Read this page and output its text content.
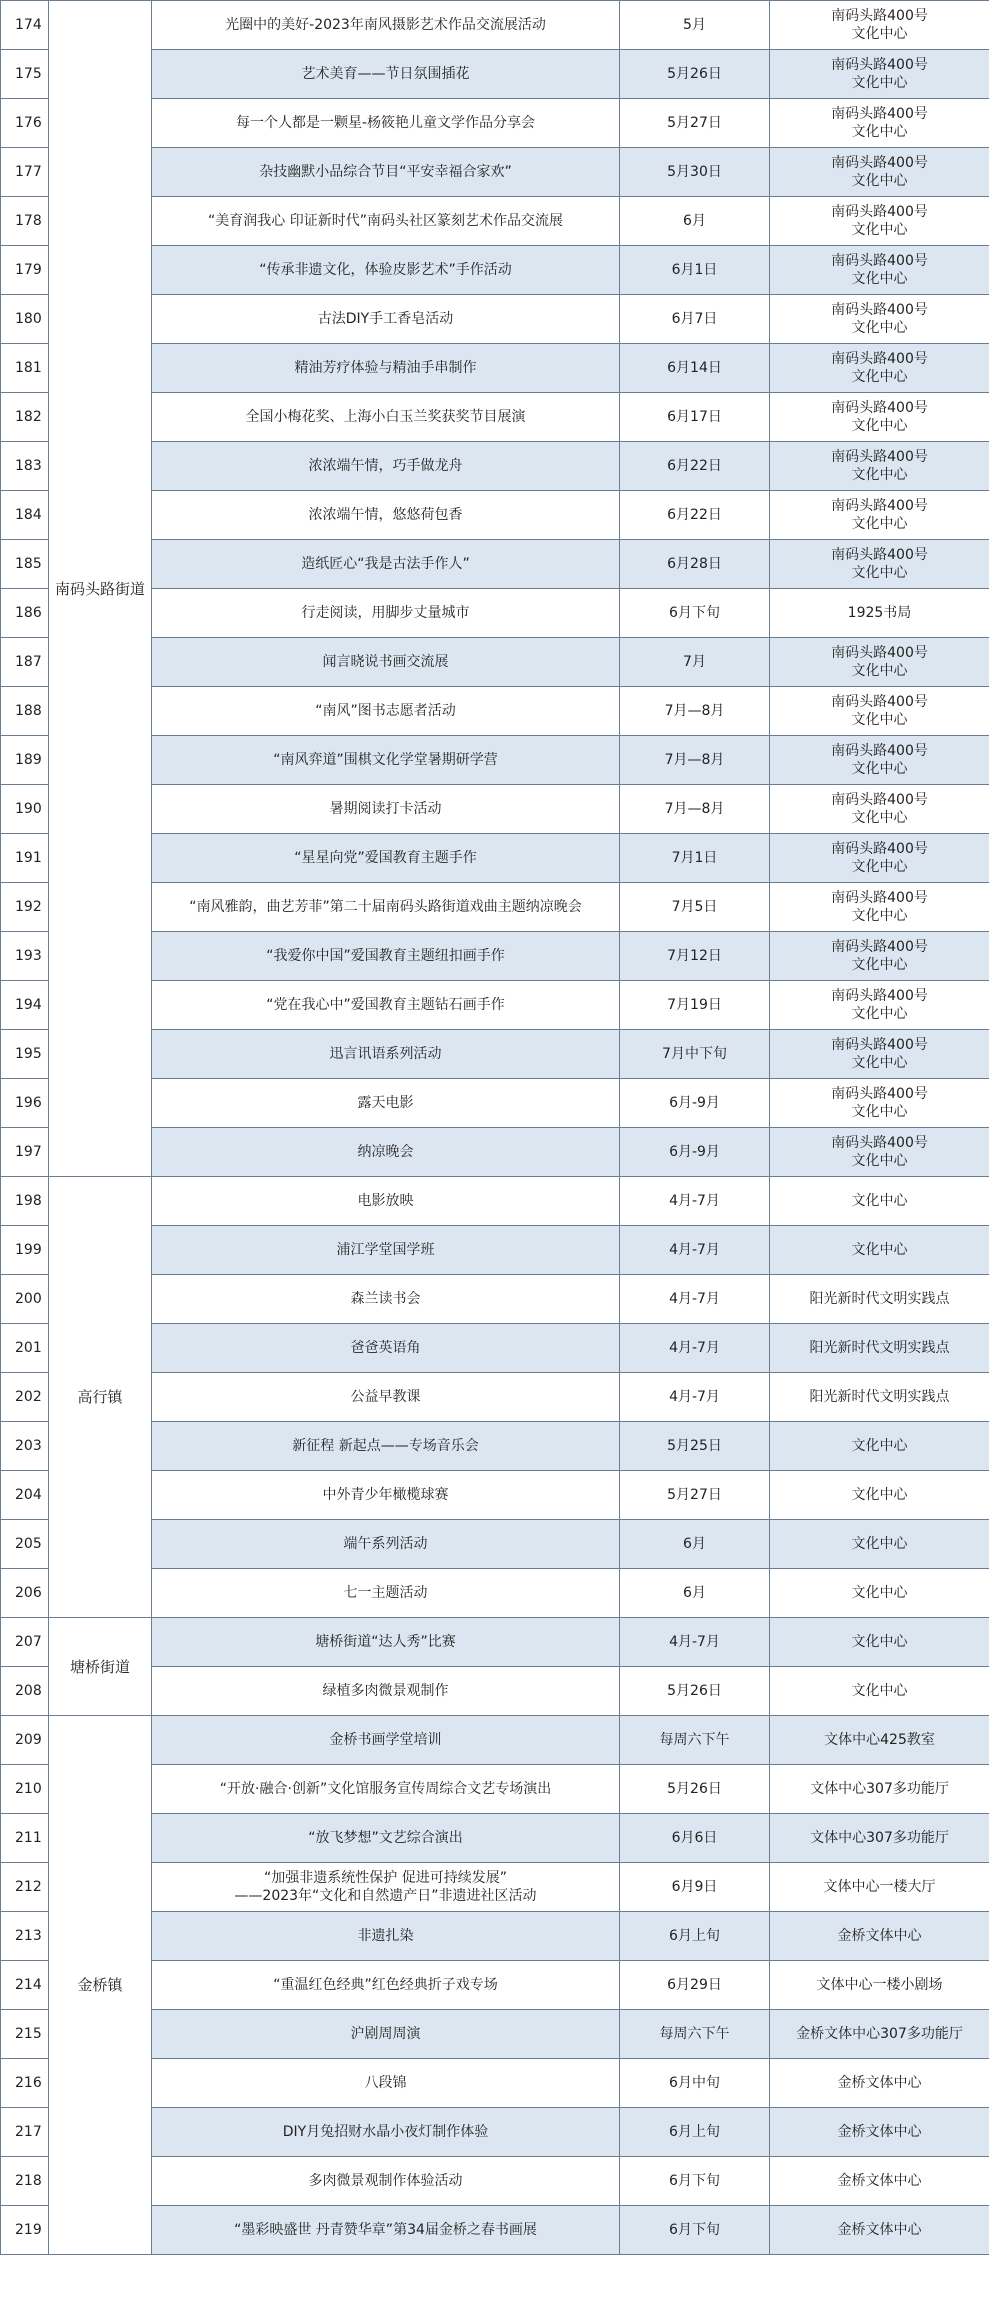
174	南码头路街道	光圈中的美好-2023年南风摄影艺术作品交流展活动	5月	南码头路400号
文化中心
175		艺术美育——节日氛围插花	5月26日	南码头路400号
文化中心
176		每一个人都是一颗星-杨筱艳儿童文学作品分享会	5月27日	南码头路400号
文化中心
177		杂技幽默小品综合节目“平安幸福合家欢”	5月30日	南码头路400号
文化中心
178		“美育润我心 印证新时代”南码头社区篆刻艺术作品交流展	6月	南码头路400号
文化中心
179		“传承非遗文化，体验皮影艺术”手作活动	6月1日	南码头路400号
文化中心
180		古法DIY手工香皂活动	6月7日	南码头路400号
文化中心
181		精油芳疗体验与精油手串制作	6月14日	南码头路400号
文化中心
182		全国小梅花奖、上海小白玉兰奖获奖节目展演	6月17日	南码头路400号
文化中心
183		浓浓端午情，巧手做龙舟	6月22日	南码头路400号
文化中心
184		浓浓端午情，悠悠荷包香	6月22日	南码头路400号
文化中心
185		造纸匠心“我是古法手作人”	6月28日	南码头路400号
文化中心
186		行走阅读，用脚步丈量城市	6月下旬	1925书局
187		闻言晓说书画交流展	7月	南码头路400号
文化中心
188		“南风”图书志愿者活动	7月—8月	南码头路400号
文化中心
189		“南风弈道”围棋文化学堂暑期研学营	7月—8月	南码头路400号
文化中心
190		暑期阅读打卡活动	7月—8月	南码头路400号
文化中心
191		“星星向党”爱国教育主题手作	7月1日	南码头路400号
文化中心
192		“南风雅韵，曲艺芳菲”第二十届南码头路街道戏曲主题纳凉晚会	7月5日	南码头路400号
文化中心
193		“我爱你中国”爱国教育主题纽扣画手作	7月12日	南码头路400号
文化中心
194		“党在我心中”爱国教育主题钻石画手作	7月19日	南码头路400号
文化中心
195		迅言讯语系列活动	7月中下旬	南码头路400号
文化中心
196		露天电影	6月-9月	南码头路400号
文化中心
197		纳凉晚会	6月-9月	南码头路400号
文化中心
198	高行镇	电影放映	4月-7月	文化中心
199		浦江学堂国学班	4月-7月	文化中心
200		森兰读书会	4月-7月	阳光新时代文明实践点
201		爸爸英语角	4月-7月	阳光新时代文明实践点
202		公益早教课	4月-7月	阳光新时代文明实践点
203		新征程 新起点——专场音乐会	5月25日	文化中心
204		中外青少年橄榄球赛	5月27日	文化中心
205		端午系列活动	6月	文化中心
206		七一主题活动	6月	文化中心
207	塘桥街道	塘桥街道“达人秀”比赛	4月-7月	文化中心
208		绿植多肉微景观制作	5月26日	文化中心
209	金桥镇	金桥书画学堂培训	每周六下午	文体中心425教室
210		“开放·融合·创新”文化馆服务宣传周综合文艺专场演出	5月26日	文体中心307多功能厅
211		“放飞梦想”文艺综合演出	6月6日	文体中心307多功能厅
212		“加强非遗系统性保护 促进可持续发展”
——2023年“文化和自然遗产日”非遗进社区活动	6月9日	文体中心一楼大厅
213		非遗扎染	6月上旬	金桥文体中心
214		“重温红色经典”红色经典折子戏专场	6月29日	文体中心一楼小剧场
215		沪剧周周演	每周六下午	金桥文体中心307多功能厅
216		八段锦	6月中旬	金桥文体中心
217		DIY月兔招财水晶小夜灯制作体验	6月上旬	金桥文体中心
218		多肉微景观制作体验活动	6月下旬	金桥文体中心
219		“墨彩映盛世 丹青赞华章”第34届金桥之春书画展	6月下旬	金桥文体中心
